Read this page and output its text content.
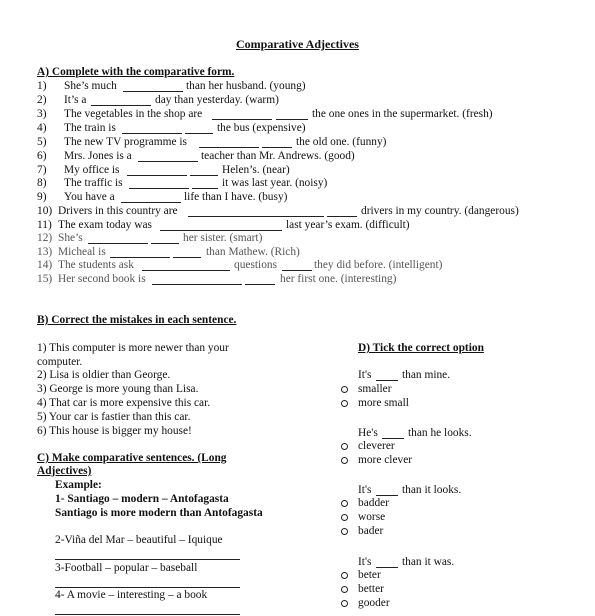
Comparative Adjectives
A) Complete with the comparative form.
1) She’s much	than her husband. (young)
2) It’s a	day than yesterday. (warm)
3) The vegetables in the shop are	the one ones in the supermarket. (fresh)
4) The train is	the bus (expensive)
5) The new TV programme is	the old one. (funny)
6) Mrs. Jones is a	teacher than Mr. Andrews. (good)
7) My office is	Helen’s. (near)
8) The traffic is	it was last year. (noisy)
9) You have a	life than I have. (busy)
10) Drivers in this country are	drivers in my country. (dangerous)
11) The exam today was	last year’s exam. (difficult)
12) She’s	her sister. (smart)
13) Micheal is	than Mathew. (Rich)
14) The students ask	questions	they did before. (intelligent)
15) Her second book is	her first one. (interesting)
B) Correct the mistakes in each sentence.
1) This computer is more newer than your
computer.
2) Lisa is oldier than George.
3) George is more young than Lisa.
4) That car is more expensive this car.
5) Your car is fastier than this car.
6) This house is bigger my house!
C) Make comparative sentences. (Long
Adjectives)
Example:
1- Santiago – modern – Antofagasta
Santiago is more modern than Antofagasta
2-Viña del Mar – beautiful – Iquique
3-Football – popular – baseball
4- A movie – interesting – a book
D) Tick the correct option
It's	than mine.
smaller
more small
He's	than he looks.
cleverer
more clever
It's	than it looks.
badder
worse
bader
It's	than it was.
beter
better
gooder
